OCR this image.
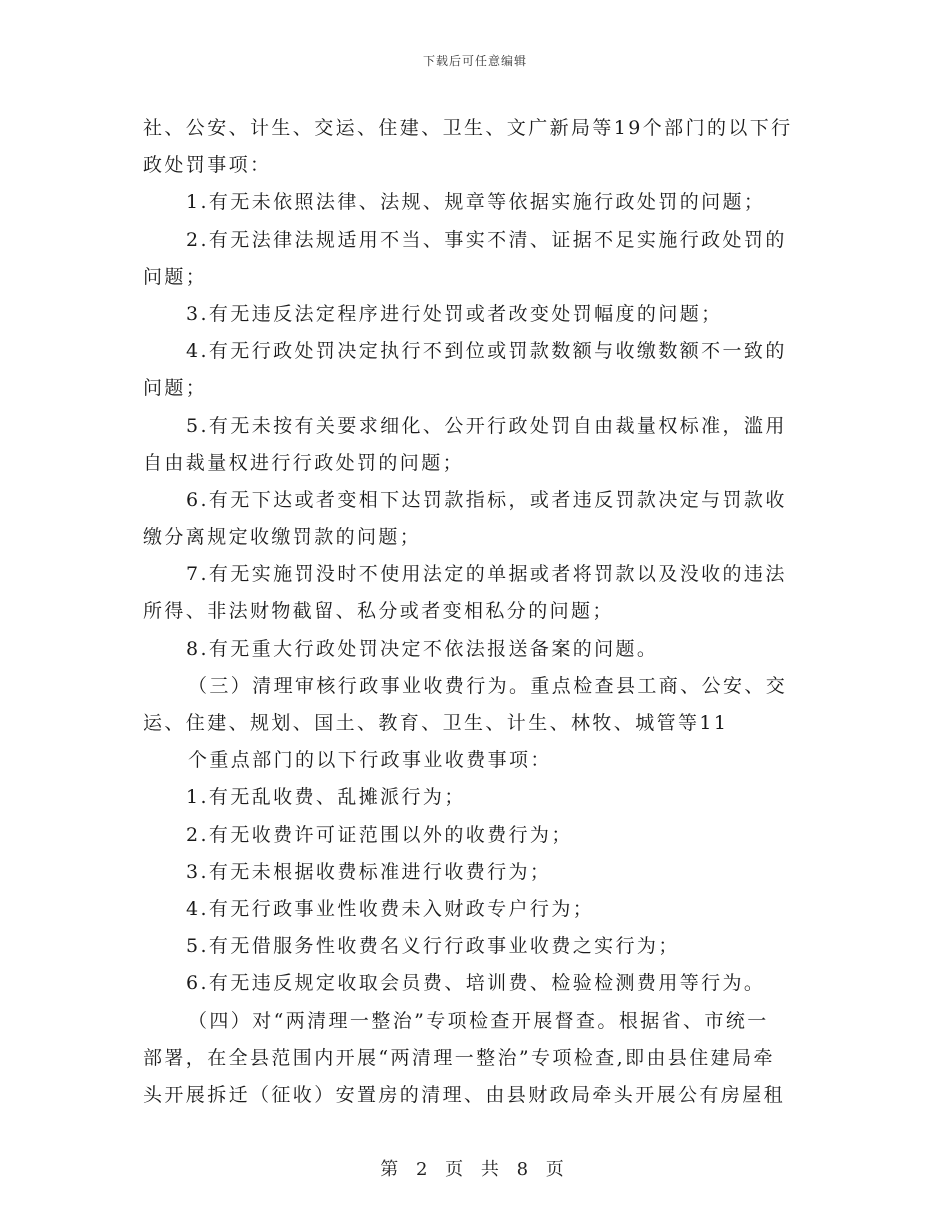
下载后可任意编辑
社、公安、计生、交运、住建、卫生、文广新局等19个部门的以下行
政处罚事项：
1.有无未依照法律、法规、规章等依据实施行政处罚的问题；
2.有无法律法规适用不当、事实不清、证据不足实施行政处罚的
问题；
3.有无违反法定程序进行处罚或者改变处罚幅度的问题；
4.有无行政处罚决定执行不到位或罚款数额与收缴数额不一致的
问题；
5.有无未按有关要求细化、公开行政处罚自由裁量权标准，滥用
自由裁量权进行行政处罚的问题；
6.有无下达或者变相下达罚款指标，或者违反罚款决定与罚款收
缴分离规定收缴罚款的问题；
7.有无实施罚没时不使用法定的单据或者将罚款以及没收的违法
所得、非法财物截留、私分或者变相私分的问题；
8.有无重大行政处罚决定不依法报送备案的问题。
（三）清理审核行政事业收费行为。重点检查县工商、公安、交
运、住建、规划、国土、教育、卫生、计生、林牧、城管等11
个重点部门的以下行政事业收费事项：
1.有无乱收费、乱摊派行为；
2.有无收费许可证范围以外的收费行为；
3.有无未根据收费标准进行收费行为；
4.有无行政事业性收费未入财政专户行为；
5.有无借服务性收费名义行行政事业收费之实行为；
6.有无违反规定收取会员费、培训费、检验检测费用等行为。
（四）对“两清理一整治”专项检查开展督查。根据省、市统一
部署，在全县范围内开展“两清理一整治”专项检查,即由县住建局牵
头开展拆迁（征收）安置房的清理、由县财政局牵头开展公有房屋租
第 2 页 共 8 页
